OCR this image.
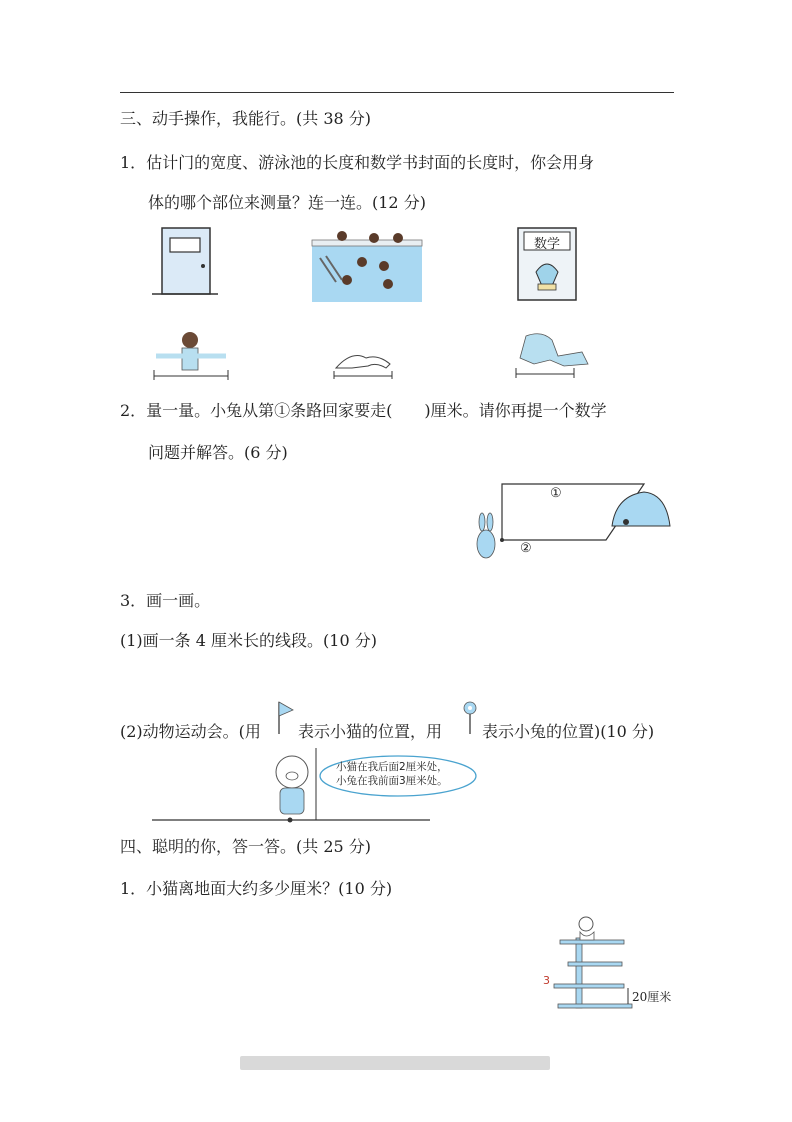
三、动手操作，我能行。(共 38 分)
1．估计门的宽度、游泳池的长度和数学书封面的长度时，你会用身
体的哪个部位来测量？连一连。(12 分)
数学
2．量一量。小兔从第①条路回家要走(　　)厘米。请你再提一个数学
问题并解答。(6 分)
①
②
3．画一画。
(1)画一条 4 厘米长的线段。(10 分)
(2)动物运动会。(用 表示小猫的位置，用 表示小兔的位置)(10 分)
小猫在我后面2厘米处，
小兔在我前面3厘米处。
四、聪明的你，答一答。(共 25 分)
1．小猫离地面大约多少厘米？(10 分)
3
20厘米
